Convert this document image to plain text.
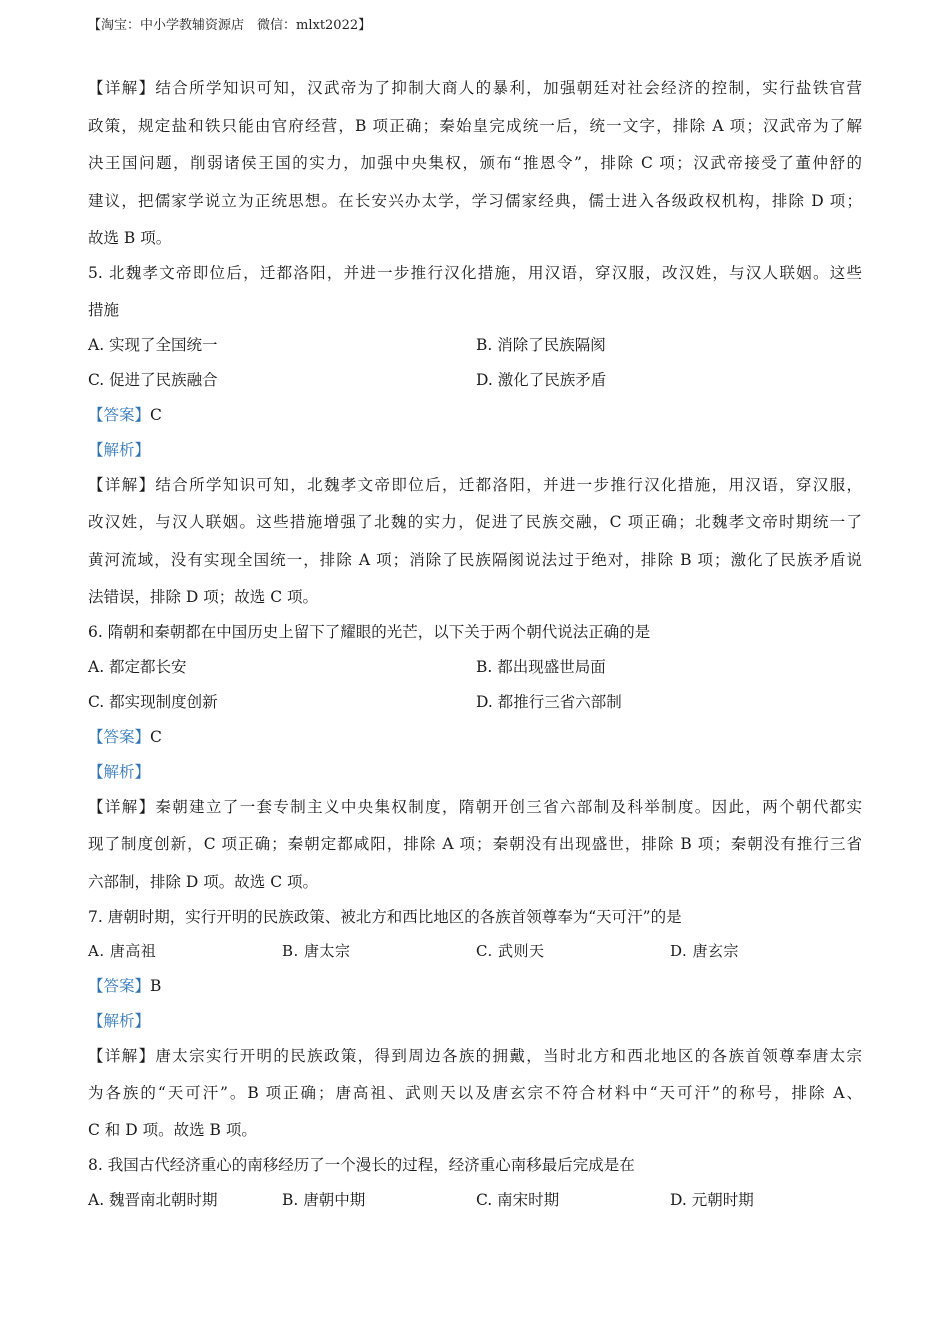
【淘宝：中小学教辅资源店　微信：mlxt2022】
【详解】结合所学知识可知，汉武帝为了抑制大商人的暴利，加强朝廷对社会经济的控制，实行盐铁官营
政策，规定盐和铁只能由官府经营，B 项正确；秦始皇完成统一后，统一文字，排除 A 项；汉武帝为了解
决王国问题，削弱诸侯王国的实力，加强中央集权，颁布“推恩令”，排除 C 项；汉武帝接受了董仲舒的
建议，把儒家学说立为正统思想。在长安兴办太学，学习儒家经典，儒士进入各级政权机构，排除 D 项；
故选 B 项。
5. 北魏孝文帝即位后，迁都洛阳，并进一步推行汉化措施，用汉语，穿汉服，改汉姓，与汉人联姻。这些
措施
A. 实现了全国统一	B. 消除了民族隔阂
C. 促进了民族融合	D. 激化了民族矛盾
【答案】C
【解析】
【详解】结合所学知识可知，北魏孝文帝即位后，迁都洛阳，并进一步推行汉化措施，用汉语，穿汉服，
改汉姓，与汉人联姻。这些措施增强了北魏的实力，促进了民族交融，C 项正确；北魏孝文帝时期统一了
黄河流域，没有实现全国统一，排除 A 项；消除了民族隔阂说法过于绝对，排除 B 项；激化了民族矛盾说
法错误，排除 D 项；故选 C 项。
6. 隋朝和秦朝都在中国历史上留下了耀眼的光芒，以下关于两个朝代说法正确的是
A. 都定都长安	B. 都出现盛世局面
C. 都实现制度创新	D. 都推行三省六部制
【答案】C
【解析】
【详解】秦朝建立了一套专制主义中央集权制度，隋朝开创三省六部制及科举制度。因此，两个朝代都实
现了制度创新，C 项正确；秦朝定都咸阳，排除 A 项；秦朝没有出现盛世，排除 B 项；秦朝没有推行三省
六部制，排除 D 项。故选 C 项。
7. 唐朝时期，实行开明的民族政策、被北方和西比地区的各族首领尊奉为“天可汗”的是
A. 唐高祖	B. 唐太宗	C. 武则天	D. 唐玄宗
【答案】B
【解析】
【详解】唐太宗实行开明的民族政策，得到周边各族的拥戴，当时北方和西北地区的各族首领尊奉唐太宗
为各族的“天可汗”。B 项正确；唐高祖、武则天以及唐玄宗不符合材料中“天可汗”的称号，排除 A、
C 和 D 项。故选 B 项。
8. 我国古代经济重心的南移经历了一个漫长的过程，经济重心南移最后完成是在
A. 魏晋南北朝时期	B. 唐朝中期	C. 南宋时期	D. 元朝时期
